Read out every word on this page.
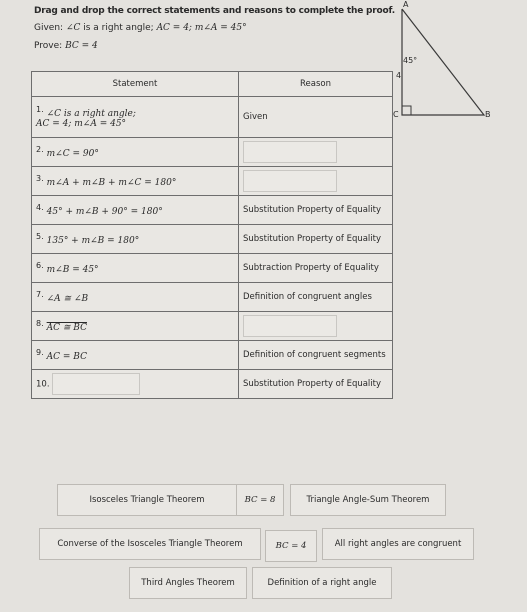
Drag and drop the correct statements and reasons to complete the proof.
Given: ∠C is a right angle; AC = 4; m∠A = 45°
Prove: BC = 4
A
B
C
45°
4
Statement	Reason
1. ∠C is a right angle;
AC = 4; m∠A = 45°	Given
2. m∠C = 90°	
3. m∠A + m∠B + m∠C = 180°	
4. 45° + m∠B + 90° = 180°	Substitution Property of Equality
5. 135° + m∠B = 180°	Substitution Property of Equality
6. m∠B = 45°	Subtraction Property of Equality
7. ∠A ≅ ∠B	Definition of congruent angles
8. AC ≅ BC	
9. AC = BC	Definition of congruent segments
10.	Substitution Property of Equality
Isosceles Triangle Theorem	BC = 8	Triangle Angle-Sum Theorem
Converse of the Isosceles Triangle Theorem	BC = 4	All right angles are congruent
Third Angles Theorem	Definition of a right angle
